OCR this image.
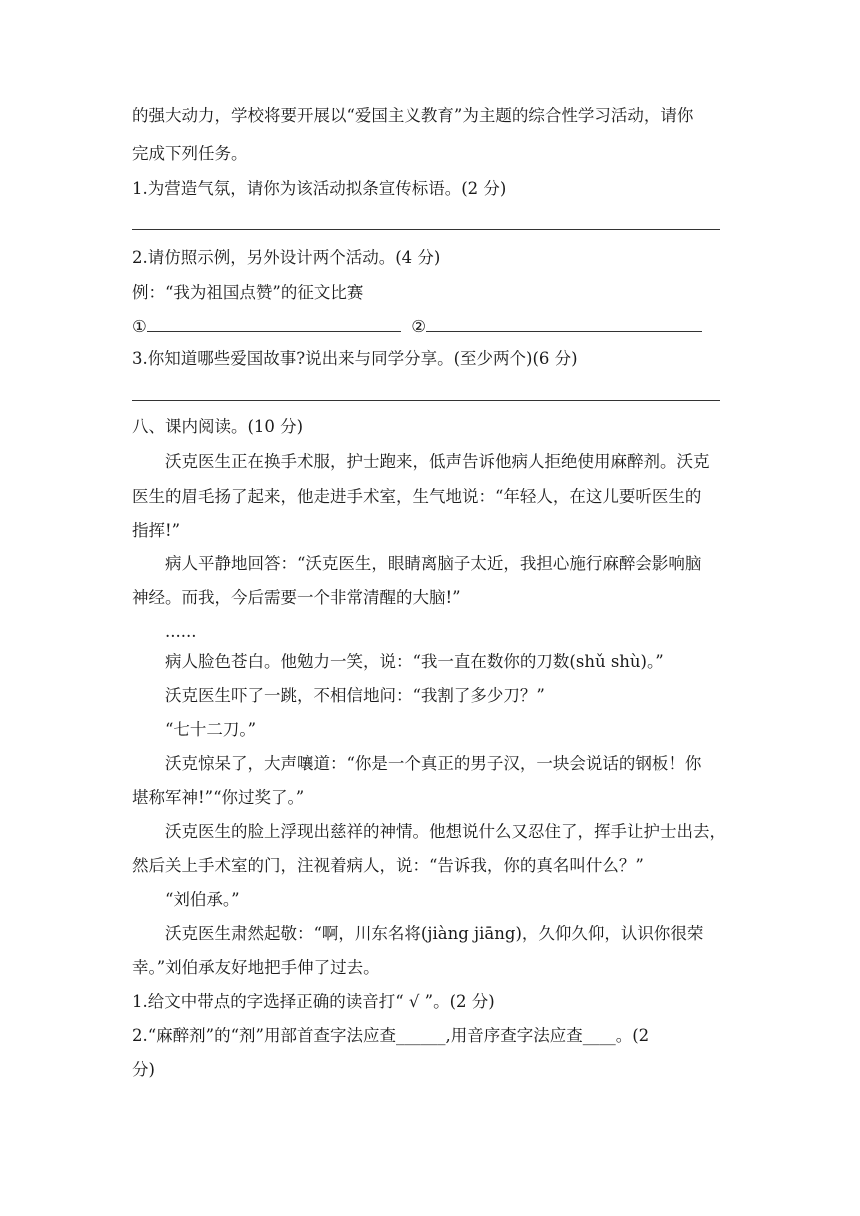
的强大动力，学校将要开展以“爱国主义教育”为主题的综合性学习活动，请你
完成下列任务。
1.为营造气氛，请你为该活动拟条宣传标语。(2 分)
2.请仿照示例，另外设计两个活动。(4 分)
例：“我为祖国点赞”的征文比赛
①	②
3.你知道哪些爱国故事?说出来与同学分享。(至少两个)(6 分)
八、课内阅读。(10 分)
沃克医生正在换手术服，护士跑来，低声告诉他病人拒绝使用麻醉剂。沃克
医生的眉毛扬了起来，他走进手术室，生气地说：“年轻人，在这儿要听医生的
指挥!”
病人平静地回答：“沃克医生，眼睛离脑子太近，我担心施行麻醉会影响脑
神经。而我，今后需要一个非常清醒的大脑!”
......
病人脸色苍白。他勉力一笑，说：“我一直在数你的刀数(shǔ shù)。”
沃克医生吓了一跳，不相信地问：“我割了多少刀？”
“七十二刀。”
沃克惊呆了，大声嚷道：“你是一个真正的男子汉，一块会说话的钢板！你
堪称军神!”“你过奖了。”
沃克医生的脸上浮现出慈祥的神情。他想说什么又忍住了，挥手让护士出去，
然后关上手术室的门，注视着病人，说：“告诉我，你的真名叫什么？”
“刘伯承。”
沃克医生肃然起敬：“啊，川东名将(jiàng jiāng)，久仰久仰，认识你很荣
幸。”刘伯承友好地把手伸了过去。
1.给文中带点的字选择正确的读音打“ √ ”。(2 分)
2.“麻醉剂”的“剂”用部首查字法应查______,用音序查字法应查____。(2
分)
